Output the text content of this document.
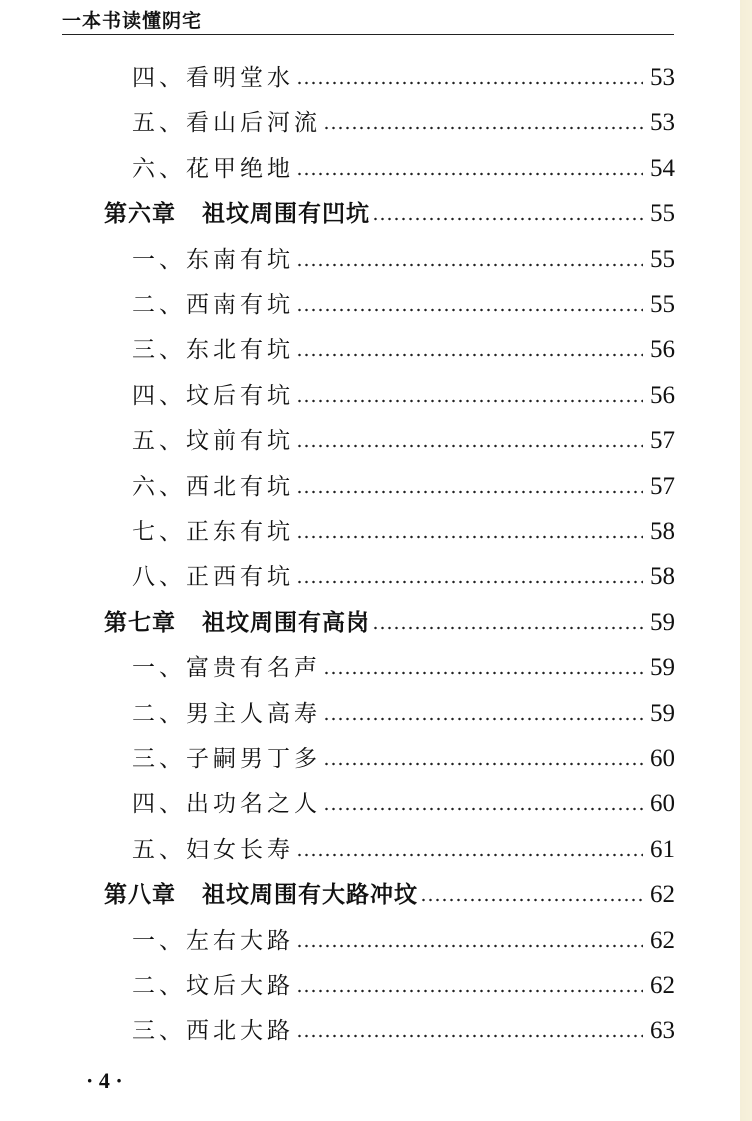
一本书读懂阴宅
四、 看明堂水	53
五、 看山后河流	53
六、 花甲绝地	54
第六章 祖坟周围有凹坑	55
一、 东南有坑	55
二、 西南有坑	55
三、 东北有坑	56
四、 坟后有坑	56
五、 坟前有坑	57
六、 西北有坑	57
七、 正东有坑	58
八、 正西有坑	58
第七章 祖坟周围有高岗	59
一、 富贵有名声	59
二、 男主人高寿	59
三、 子嗣男丁多	60
四、 出功名之人	60
五、 妇女长寿	61
第八章 祖坟周围有大路冲坟	62
一、 左右大路	62
二、 坟后大路	62
三、 西北大路	63
· 4 ·
